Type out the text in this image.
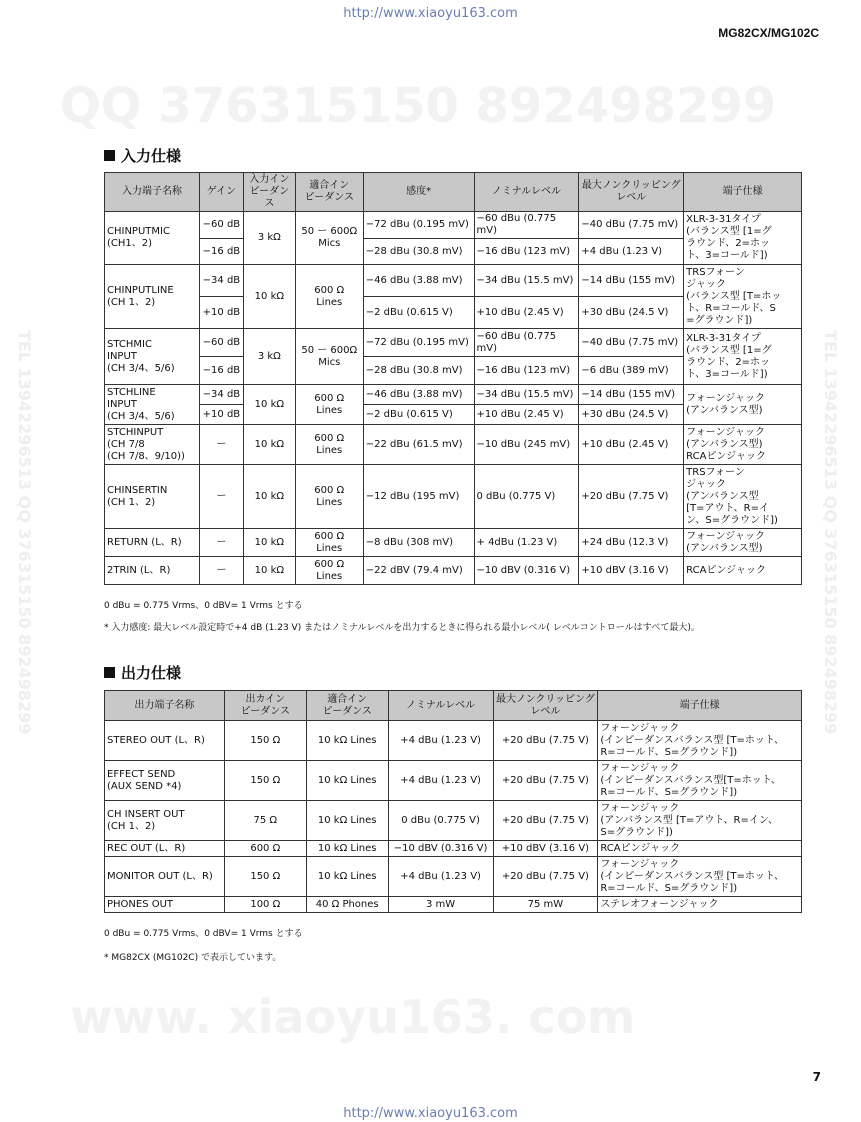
QQ 376315150 892498299
www. xiaoyu163. com
TEL 13942296513 QQ 376315150 892498299
TEL 13942296513 QQ 376315150 892498299
http://www.xiaoyu163.com
MG82CX/MG102C
入力仕様
入力端子名称	ゲイン	入力イン
ピーダンス	適合イン
ピーダンス	感度*	ノミナルレベル	最大ノンクリッピング
レベル	端子仕様
CHINPUTMIC
(CH1、2)	−60 dB	3 kΩ	50 ー 600Ω
Mics	−72 dBu (0.195 mV)	−60 dBu (0.775 mV)	−40 dBu (7.75 mV)	XLR-3-31タイプ
(バランス型 [1=グ
ラウンド、2=ホッ
ト、3=コールド])
	−16 dB			−28 dBu (30.8 mV)	−16 dBu (123 mV)	+4 dBu (1.23 V)	
CHINPUTLINE
(CH 1、2)	−34 dB	10 kΩ	600 Ω
Lines	−46 dBu (3.88 mV)	−34 dBu (15.5 mV)	−14 dBu (155 mV)	TRSフォーン
ジャック
(バランス型 [T=ホッ
ト、R=コールド、S
=グラウンド])
	+10 dB			−2 dBu (0.615 V)	+10 dBu (2.45 V)	+30 dBu (24.5 V)	
STCHMIC
INPUT
(CH 3/4、5/6)	−60 dB	3 kΩ	50 ー 600Ω
Mics	−72 dBu (0.195 mV)	−60 dBu (0.775 mV)	−40 dBu (7.75 mV)	XLR-3-31タイプ
(バランス型 [1=グ
ラウンド、2=ホッ
ト、3=コールド])
	−16 dB			−28 dBu (30.8 mV)	−16 dBu (123 mV)	−6 dBu (389 mV)	
STCHLINE
INPUT
(CH 3/4、5/6)	−34 dB	10 kΩ	600 Ω
Lines	−46 dBu (3.88 mV)	−34 dBu (15.5 mV)	−14 dBu (155 mV)	フォーンジャック
(アンバランス型)
	+10 dB			−2 dBu (0.615 V)	+10 dBu (2.45 V)	+30 dBu (24.5 V)	
STCHINPUT
(CH 7/8
(CH 7/8、9/10))	ー	10 kΩ	600 Ω
Lines	−22 dBu (61.5 mV)	−10 dBu (245 mV)	+10 dBu (2.45 V)	フォーンジャック
(アンバランス型)
RCAピンジャック
CHINSERTIN
(CH 1、2)	ー	10 kΩ	600 Ω
Lines	−12 dBu (195 mV)	0 dBu (0.775 V)	+20 dBu (7.75 V)	TRSフォーン
ジャック
(アンバランス型
[T=アウト、R=イ
ン、S=グラウンド])
RETURN (L、R)	ー	10 kΩ	600 Ω
Lines	−8 dBu (308 mV)	+ 4dBu (1.23 V)	+24 dBu (12.3 V)	フォーンジャック
(アンバランス型)
2TRIN (L、R)	ー	10 kΩ	600 Ω
Lines	−22 dBV (79.4 mV)	−10 dBV (0.316 V)	+10 dBV (3.16 V)	RCAピンジャック
0 dBu = 0.775 Vrms、0 dBV= 1 Vrms とする
* 入力感度: 最大レベル設定時で+4 dB (1.23 V) またはノミナルレベルを出力するときに得られる最小レベル( レベルコントロールはすべて最大)。
出力仕様
出力端子名称	出カイン
ピーダンス	適合イン
ピーダンス	ノミナルレベル	最大ノンクリッピング
レベル	端子仕様
STEREO OUT (L、R)	150 Ω	10 kΩ Lines	+4 dBu (1.23 V)	+20 dBu (7.75 V)	フォーンジャック
(インピーダンスバランス型 [T=ホット、
R=コールド、S=グラウンド])
EFFECT SEND
(AUX SEND *4)	150 Ω	10 kΩ Lines	+4 dBu (1.23 V)	+20 dBu (7.75 V)	フォーンジャック
(インピーダンスバランス型[T=ホット、
R=コールド、S=グラウンド])
CH INSERT OUT
(CH 1、2)	75 Ω	10 kΩ Lines	0 dBu (0.775 V)	+20 dBu (7.75 V)	フォーンジャック
(アンバランス型 [T=アウト、R=イン、
S=グラウンド])
REC OUT (L、R)	600 Ω	10 kΩ Lines	−10 dBV (0.316 V)	+10 dBV (3.16 V)	RCAピンジャック
MONITOR OUT (L、R)	150 Ω	10 kΩ Lines	+4 dBu (1.23 V)	+20 dBu (7.75 V)	フォーンジャック
(インピーダンスバランス型 [T=ホット、
R=コールド、S=グラウンド])
PHONES OUT	100 Ω	40 Ω Phones	3 mW	75 mW	ステレオフォーンジャック
0 dBu = 0.775 Vrms、0 dBV= 1 Vrms とする
* MG82CX (MG102C) で表示しています。
7
http://www.xiaoyu163.com
